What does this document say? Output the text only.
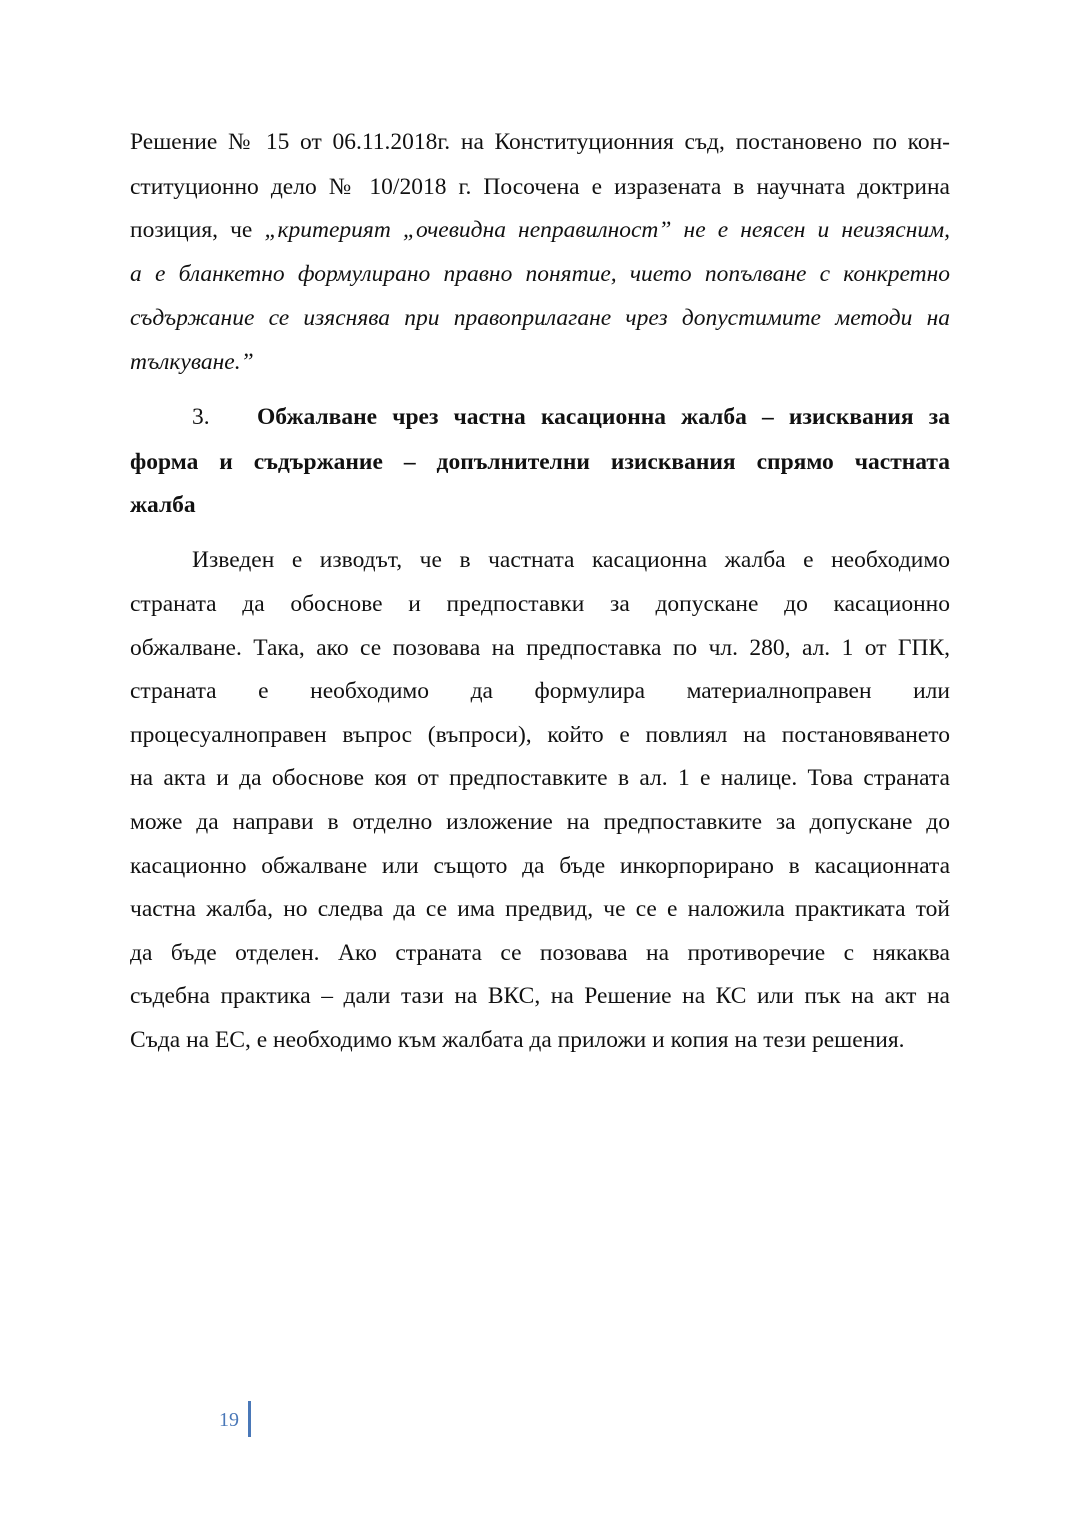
Решение № 15 от 06.11.2018г. на Конституционния съд, постановено по кон-
ституционно дело № 10/2018 г. Посочена е изразената в научната доктрина
позиция, че „критерият „очевидна неправилност” не е неясен и неизясним,
а е бланкетно формулирано правно понятие, чието попълване с конкретно
съдържание се изяснява при правоприлагане чрез допустимите методи на
тълкуване.”
3. Обжалване чрез частна касационна жалба – изисквания за
форма и съдържание – допълнителни изисквания спрямо частната
жалба
Изведен е изводът, че в частната касационна жалба е необходимо
страната да обоснове и предпоставки за допускане до касационно
обжалване. Така, ако се позовава на предпоставка по чл. 280, ал. 1 от ГПК,
страната е необходимо да формулира материалноправен или
процесуалноправен въпрос (въпроси), който е повлиял на постановяването
на акта и да обоснове коя от предпоставките в ал. 1 е налице. Това страната
може да направи в отделно изложение на предпоставките за допускане до
касационно обжалване или същото да бъде инкорпорирано в касационната
частна жалба, но следва да се има предвид, че се е наложила практиката той
да бъде отделен. Ако страната се позовава на противоречие с някаква
съдебна практика – дали тази на ВКС, на Решение на КС или пък на акт на
Съда на ЕС, е необходимо към жалбата да приложи и копия на тези решения.
19
